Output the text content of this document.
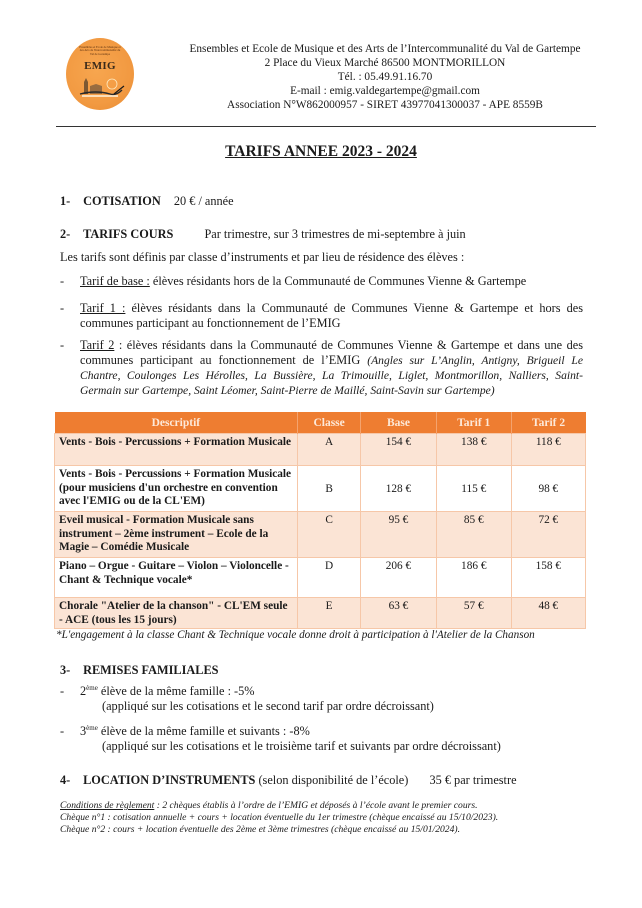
Ensembles et Ecole de Musique et des Arts de l'Intercommunalité du Val de Gartempe
EMIG
Ensembles et Ecole de Musique et des Arts de l’Intercommunalité du Val de Gartempe
2 Place du Vieux Marché 86500 MONTMORILLON
Tél. : 05.49.91.16.70
E-mail : emig.valdegartempe@gmail.com
Association N°W862000957 - SIRET 43977041300037 - APE 8559B
TARIFS ANNEE 2023 - 2024
1- COTISATION 20 € / année
2- TARIFS COURS	Par trimestre, sur 3 trimestres de mi-septembre à juin
Les tarifs sont définis par classe d’instruments et par lieu de résidence des élèves :
- Tarif de base : élèves résidants hors de la Communauté de Communes Vienne & Gartempe
- Tarif 1 : élèves résidants dans la Communauté de Communes Vienne & Gartempe et hors des communes participant au fonctionnement de l’EMIG
- Tarif 2 : élèves résidants dans la Communauté de Communes Vienne & Gartempe et dans une des communes participant au fonctionnement de l’EMIG (Angles sur L’Anglin, Antigny, Brigueil Le Chantre, Coulonges Les Hérolles, La Bussière, La Trimouille, Liglet, Montmorillon, Nalliers, Saint-Germain sur Gartempe, Saint Léomer, Saint-Pierre de Maillé, Saint-Savin sur Gartempe)
Descriptif	Classe	Base	Tarif 1	Tarif 2
Vents - Bois - Percussions + Formation Musicale	A	154 €	138 €	118 €
Vents - Bois - Percussions + Formation Musicale (pour musiciens d'un orchestre en convention avec l'EMIG ou de la CL'EM)	B	128 €	115 €	98 €
Eveil musical - Formation Musicale sans instrument – 2ème instrument – Ecole de la Magie – Comédie Musicale	C	95 €	85 €	72 €
Piano – Orgue - Guitare – Violon – Violoncelle - Chant & Technique vocale*	D	206 €	186 €	158 €
Chorale "Atelier de la chanson" - CL'EM seule - ACE (tous les 15 jours)	E	63 €	57 €	48 €
*L'engagement à la classe Chant & Technique vocale donne droit à participation à l'Atelier de la Chanson
3- REMISES FAMILIALES
- 2ème élève de la même famille : -5%
(appliqué sur les cotisations et le second tarif par ordre décroissant)
- 3ème élève de la même famille et suivants : -8%
(appliqué sur les cotisations et le troisième tarif et suivants par ordre décroissant)
4- LOCATION D’INSTRUMENTS (selon disponibilité de l’école) 35 € par trimestre
Conditions de règlement : 2 chèques établis à l’ordre de l’EMIG et déposés à l’école avant le premier cours.
Chèque n°1 : cotisation annuelle + cours + location éventuelle du 1er trimestre (chèque encaissé au 15/10/2023).
Chèque n°2 : cours + location éventuelle des 2ème et 3ème trimestres (chèque encaissé au 15/01/2024).
